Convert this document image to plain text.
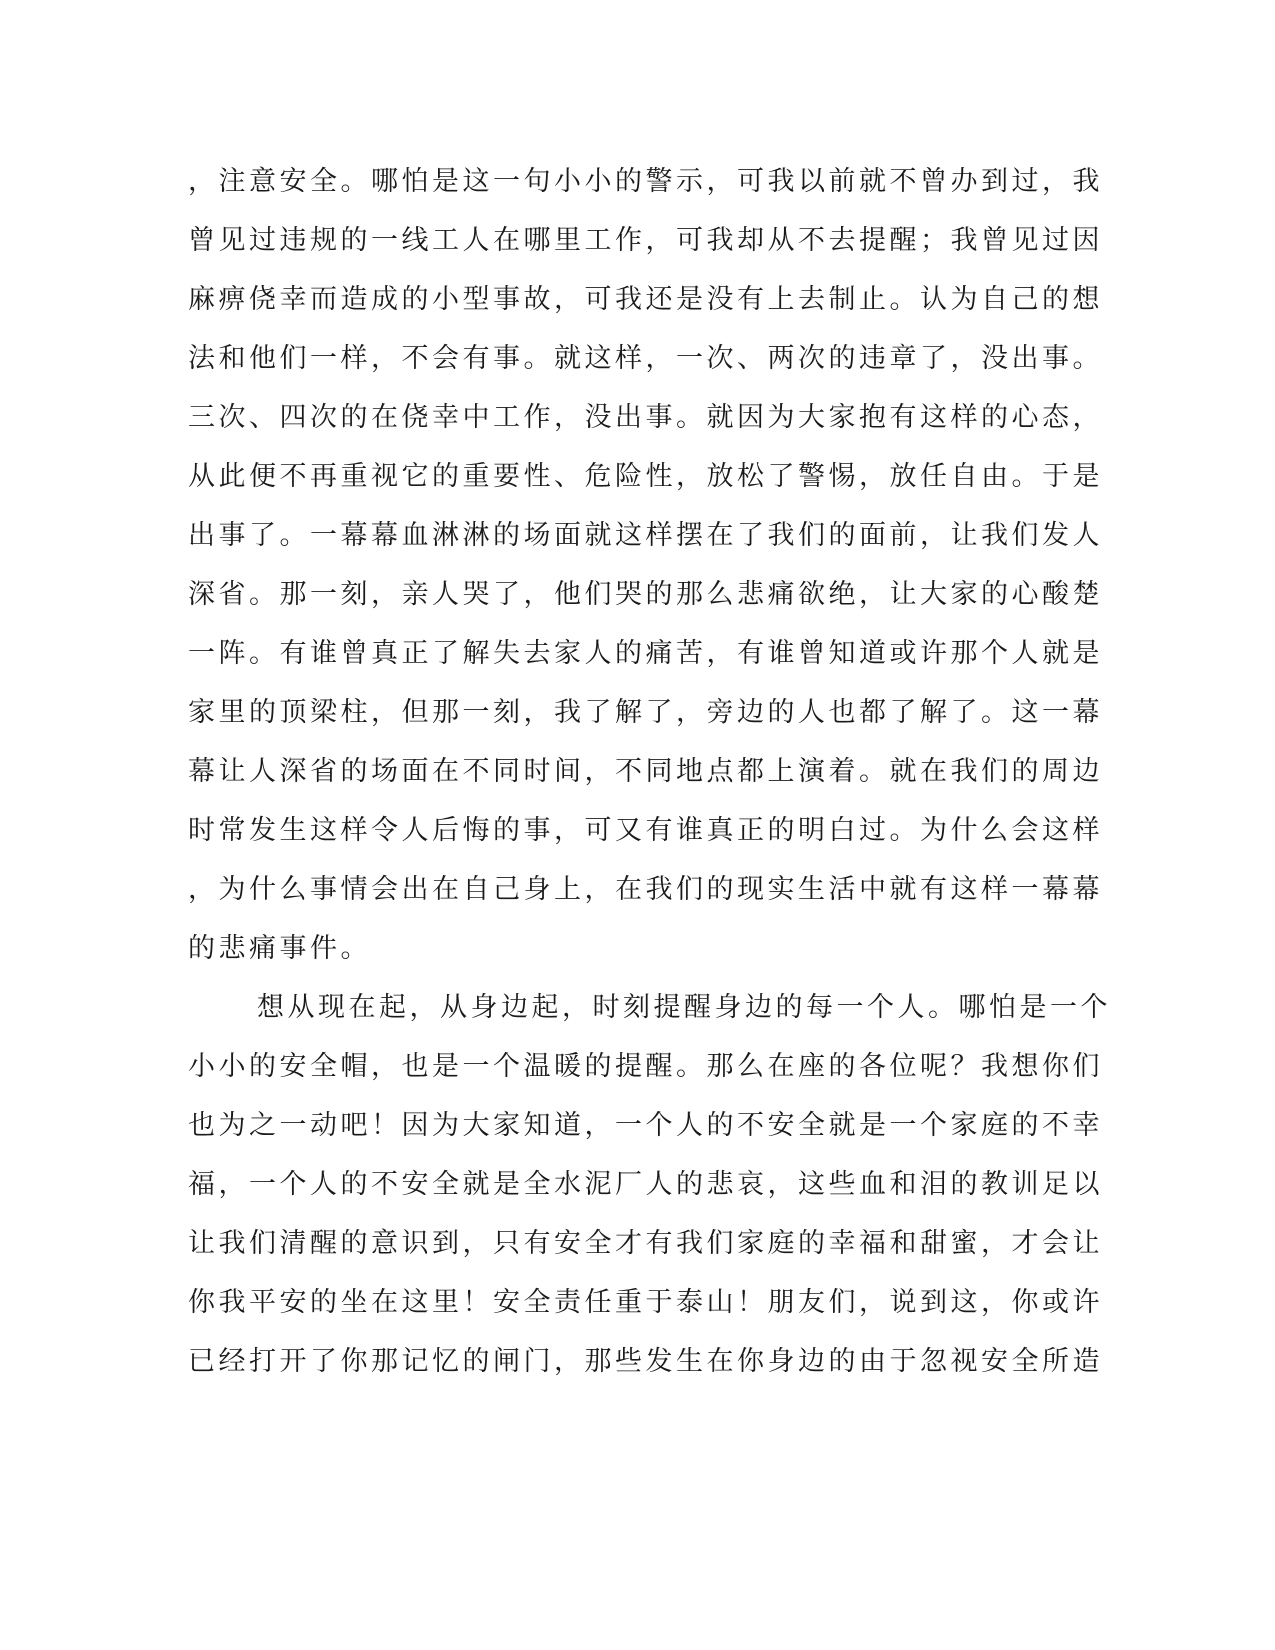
，注意安全。哪怕是这一句小小的警示，可我以前就不曾办到过，我
曾见过违规的一线工人在哪里工作，可我却从不去提醒；我曾见过因
麻痹侥幸而造成的小型事故，可我还是没有上去制止。认为自己的想
法和他们一样，不会有事。就这样，一次、两次的违章了，没出事。
三次、四次的在侥幸中工作，没出事。就因为大家抱有这样的心态，
从此便不再重视它的重要性、危险性，放松了警惕，放任自由。于是
出事了。一幕幕血淋淋的场面就这样摆在了我们的面前，让我们发人
深省。那一刻，亲人哭了，他们哭的那么悲痛欲绝，让大家的心酸楚
一阵。有谁曾真正了解失去家人的痛苦，有谁曾知道或许那个人就是
家里的顶梁柱，但那一刻，我了解了，旁边的人也都了解了。这一幕
幕让人深省的场面在不同时间，不同地点都上演着。就在我们的周边
时常发生这样令人后悔的事，可又有谁真正的明白过。为什么会这样
，为什么事情会出在自己身上，在我们的现实生活中就有这样一幕幕
的悲痛事件。
想从现在起，从身边起，时刻提醒身边的每一个人。哪怕是一个
小小的安全帽，也是一个温暖的提醒。那么在座的各位呢？我想你们
也为之一动吧！因为大家知道，一个人的不安全就是一个家庭的不幸
福，一个人的不安全就是全水泥厂人的悲哀，这些血和泪的教训足以
让我们清醒的意识到，只有安全才有我们家庭的幸福和甜蜜，才会让
你我平安的坐在这里！安全责任重于泰山！朋友们，说到这，你或许
已经打开了你那记忆的闸门，那些发生在你身边的由于忽视安全所造
